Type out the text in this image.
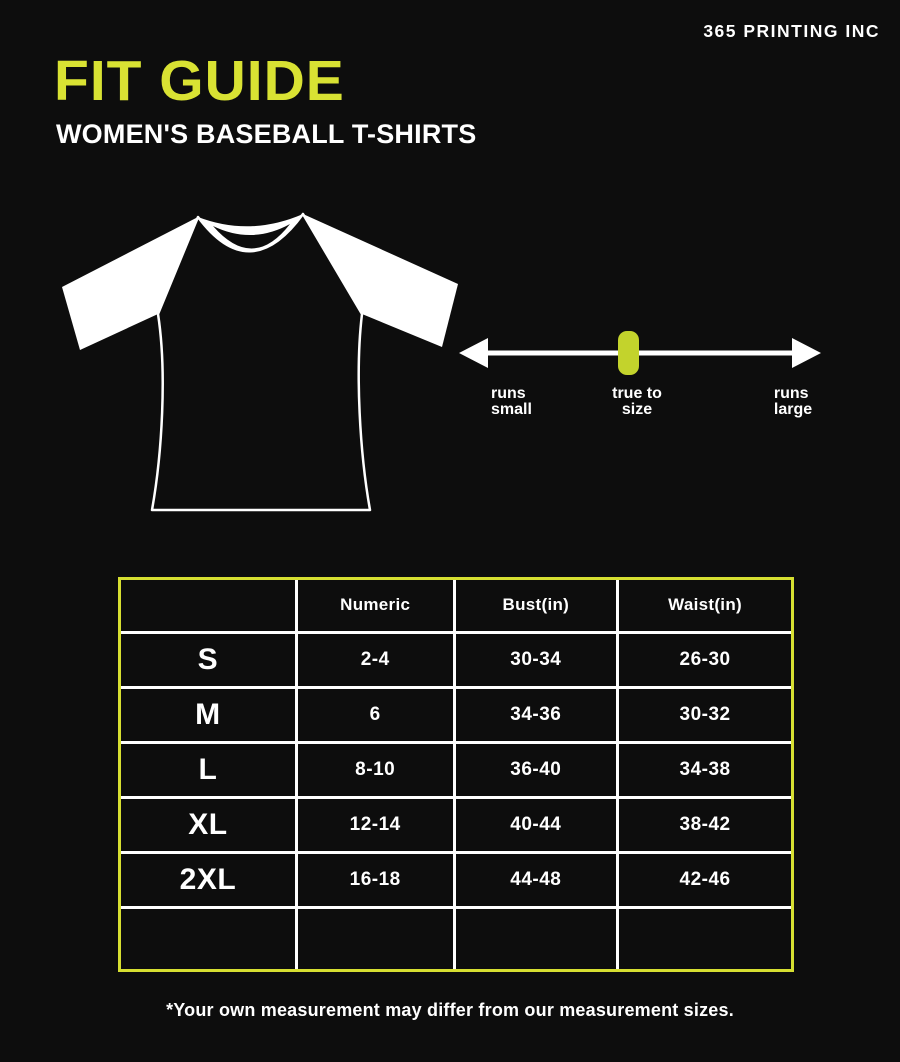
365 PRINTING INC
FIT GUIDE
WOMEN'S BASEBALL T-SHIRTS
runs
small
true to
size
runs
large
	Numeric	Bust(in)	Waist(in)
S	2-4	30-34	26-30
M	6	34-36	30-32
L	8-10	36-40	34-38
XL	12-14	40-44	38-42
2XL	16-18	44-48	42-46

*Your own measurement may differ from our measurement sizes.
